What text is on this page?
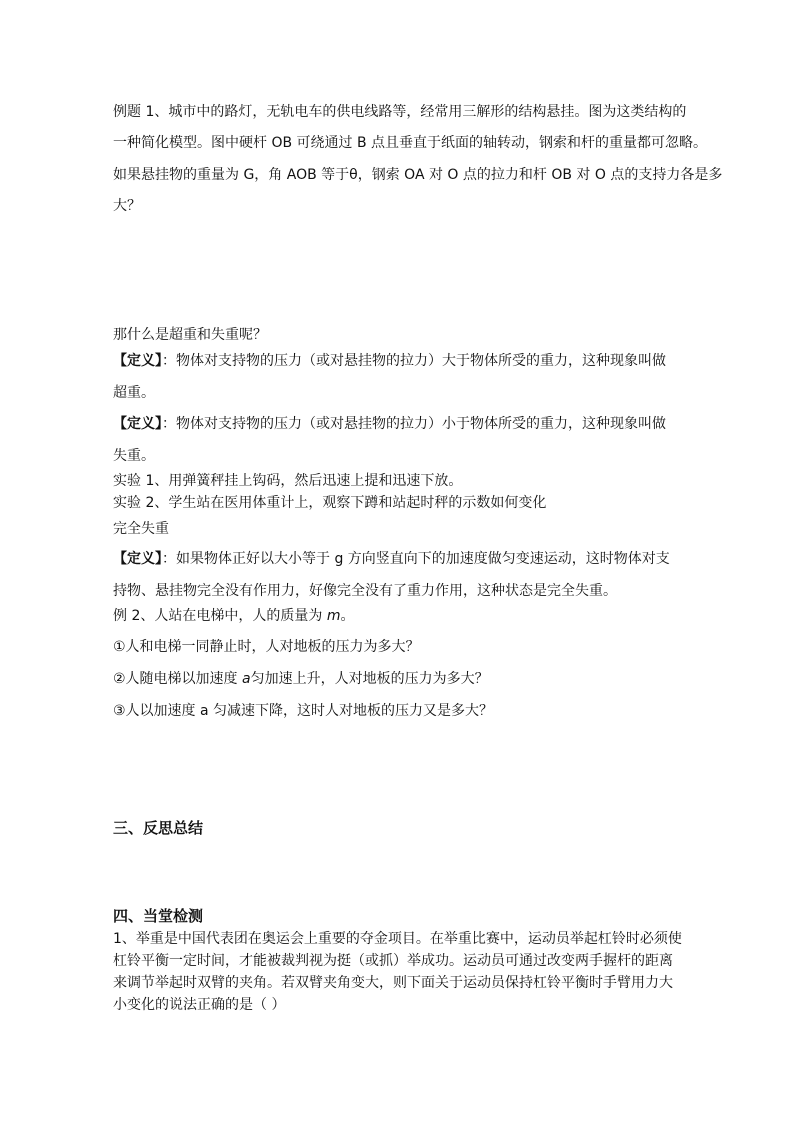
例题 1、城市中的路灯，无轨电车的供电线路等，经常用三解形的结构悬挂。图为这类结构的
一种简化模型。图中硬杆 OB 可绕通过 B 点且垂直于纸面的轴转动，钢索和杆的重量都可忽略。
如果悬挂物的重量为 G，角 AOB 等于θ，钢索 OA 对 O 点的拉力和杆 OB 对 O 点的支持力各是多
大？
那什么是超重和失重呢？
【定义】：物体对支持物的压力（或对悬挂物的拉力）大于物体所受的重力，这种现象叫做
超重。
【定义】：物体对支持物的压力（或对悬挂物的拉力）小于物体所受的重力，这种现象叫做
失重。
实验 1、用弹簧秤挂上钩码，然后迅速上提和迅速下放。
实验 2、学生站在医用体重计上，观察下蹲和站起时秤的示数如何变化
完全失重
【定义】：如果物体正好以大小等于 g 方向竖直向下的加速度做匀变速运动，这时物体对支
持物、悬挂物完全没有作用力，好像完全没有了重力作用，这种状态是完全失重。
例 2、人站在电梯中，人的质量为 m。
①人和电梯一同静止时，人对地板的压力为多大？
②人随电梯以加速度 a匀加速上升，人对地板的压力为多大？
③人以加速度 a 匀减速下降，这时人对地板的压力又是多大？
三、反思总结
四、当堂检测
1、举重是中国代表团在奥运会上重要的夺金项目。在举重比赛中，运动员举起杠铃时必须使
杠铃平衡一定时间，才能被裁判视为挺（或抓）举成功。运动员可通过改变两手握杆的距离
来调节举起时双臂的夹角。若双臂夹角变大，则下面关于运动员保持杠铃平衡时手臂用力大
小变化的说法正确的是（ ）
